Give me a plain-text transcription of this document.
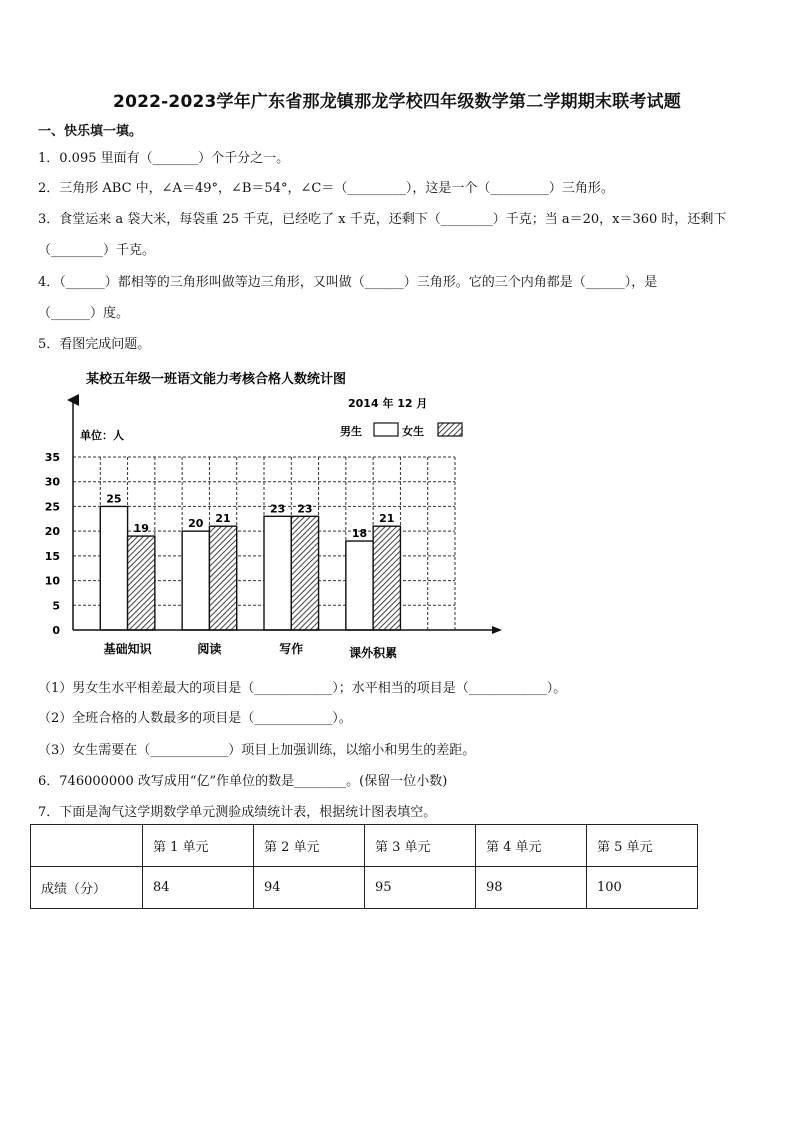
2022-2023学年广东省那龙镇那龙学校四年级数学第二学期期末联考试题
一、快乐填一填。
1．0.095 里面有（_______）个千分之一。
2．三角形 ABC 中，∠A＝49°，∠B＝54°，∠C＝（_________），这是一个（_________）三角形。
3．食堂运来 a 袋大米，每袋重 25 千克，已经吃了 x 千克，还剩下（________）千克；当 a＝20，x＝360 时，还剩下
（________）千克。
4．（______）都相等的三角形叫做等边三角形，又叫做（______）三角形。它的三个内角都是（______），是
（______）度。
5．看图完成问题。
某校五年级一班语文能力考核合格人数统计图
2014 年 12 月
单位：人	男生	女生
0
5
10
15
20
25
30
35
25
19	20 21
23 23
18
21
基础知识	阅读	写作	课外积累
（1）男女生水平相差最大的项目是（____________）；水平相当的项目是（____________）。
（2）全班合格的人数最多的项目是（____________）。
（3）女生需要在（____________）项目上加强训练，以缩小和男生的差距。
6．746000000 改写成用“亿”作单位的数是________。(保留一位小数)
7．下面是淘气这学期数学单元测验成绩统计表，根据统计图表填空。
	第 1 单元	第 2 单元	第 3 单元	第 4 单元	第 5 单元
成绩（分）	84	94	95	98	100
